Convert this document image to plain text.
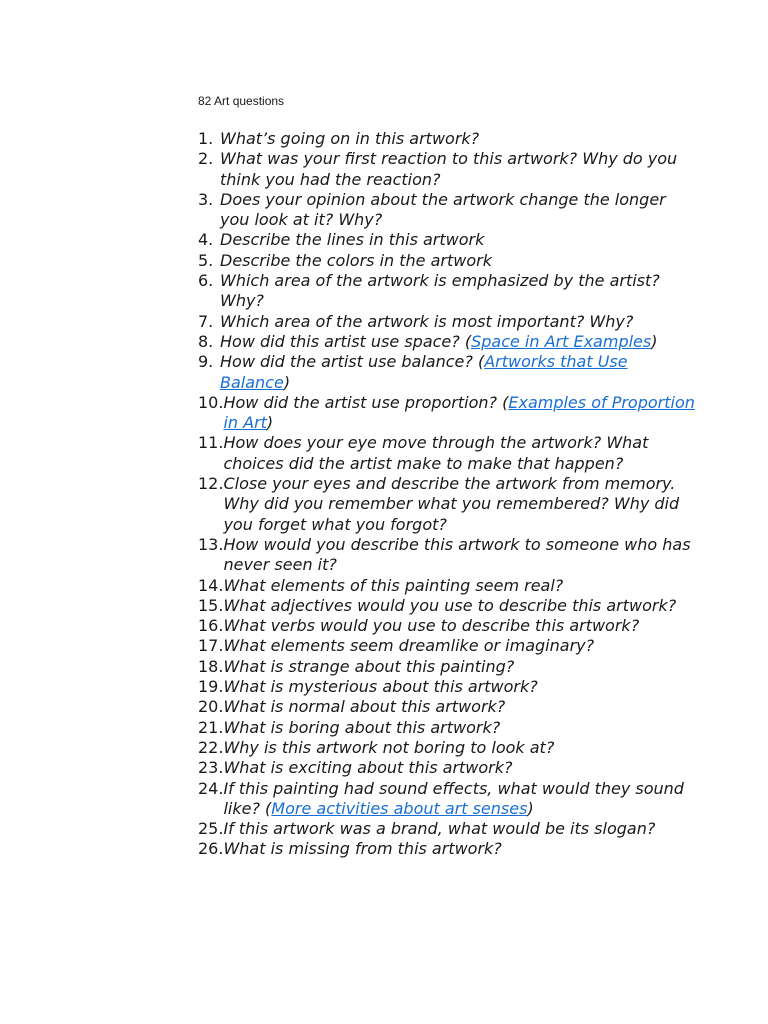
82 Art questions
1. What’s going on in this artwork?
2. What was your first reaction to this artwork? Why do you think you had the reaction?
3. Does your opinion about the artwork change the longer you look at it? Why?
4. Describe the lines in this artwork
5. Describe the colors in the artwork
6. Which area of the artwork is emphasized by the artist? Why?
7. Which area of the artwork is most important? Why?
8. How did this artist use space? (Space in Art Examples)
9. How did the artist use balance? (Artworks that Use Balance)
10. How did the artist use proportion? (Examples of Proportion in Art)
11. How does your eye move through the artwork? What choices did the artist make to make that happen?
12. Close your eyes and describe the artwork from memory. Why did you remember what you remembered? Why did you forget what you forgot?
13. How would you describe this artwork to someone who has never seen it?
14. What elements of this painting seem real?
15. What adjectives would you use to describe this artwork?
16. What verbs would you use to describe this artwork?
17. What elements seem dreamlike or imaginary?
18. What is strange about this painting?
19. What is mysterious about this artwork?
20. What is normal about this artwork?
21. What is boring about this artwork?
22. Why is this artwork not boring to look at?
23. What is exciting about this artwork?
24. If this painting had sound effects, what would they sound like? (More activities about art senses)
25. If this artwork was a brand, what would be its slogan?
26. What is missing from this artwork?
